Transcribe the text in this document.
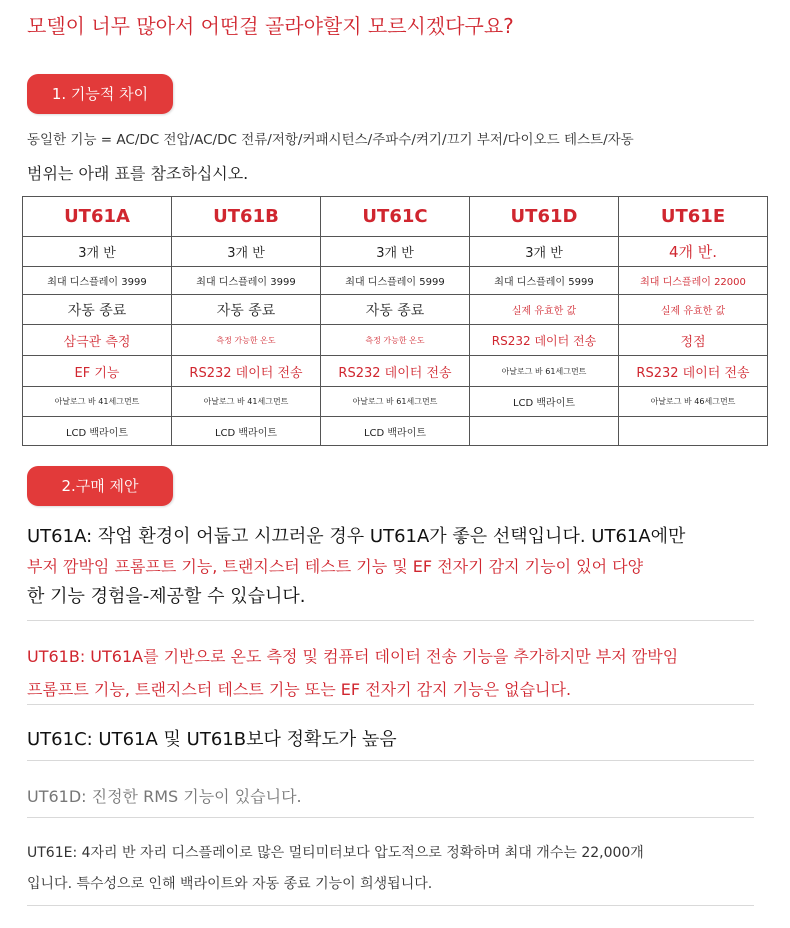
모델이 너무 많아서 어떤걸 골라야할지 모르시겠다구요?
1. 기능적 차이
동일한 기능 = AC/DC 전압/AC/DC 전류/저항/커패시턴스/주파수/켜기/끄기 부저/다이오드 테스트/자동
범위는 아래 표를 참조하십시오.
UT61A	UT61B	UT61C	UT61D	UT61E
3개 반	3개 반	3개 반	3개 반	4개 반.
최대 디스플레이 3999	최대 디스플레이 3999	최대 디스플레이 5999	최대 디스플레이 5999	최대 디스플레이 22000
자동 종료	자동 종료	자동 종료	실제 유효한 값	실제 유효한 값
삼극관 측정	측정 가능한 온도	측정 가능한 온도	RS232 데이터 전송	정점
EF 기능	RS232 데이터 전송	RS232 데이터 전송	아날로그 바 61세그먼트	RS232 데이터 전송
아날로그 바 41세그먼트	아날로그 바 41세그먼트	아날로그 바 61세그먼트	LCD 백라이트	아날로그 바 46세그먼트
LCD 백라이트	LCD 백라이트	LCD 백라이트		
2.구매 제안
UT61A: 작업 환경이 어둡고 시끄러운 경우 UT61A가 좋은 선택입니다. UT61A에만
부저 깜박임 프롬프트 기능, 트랜지스터 테스트 기능 및 EF 전자기 감지 기능이 있어 다양
한 기능 경험을-제공할 수 있습니다.
UT61B: UT61A를 기반으로 온도 측정 및 컴퓨터 데이터 전송 기능을 추가하지만 부저 깜박임
프롬프트 기능, 트랜지스터 테스트 기능 또는 EF 전자기 감지 기능은 없습니다.
UT61C: UT61A 및 UT61B보다 정확도가 높음
UT61D: 진정한 RMS 기능이 있습니다.
UT61E: 4자리 반 자리 디스플레이로 많은 멀티미터보다 압도적으로 정확하며 최대 개수는 22,000개
입니다. 특수성으로 인해 백라이트와 자동 종료 기능이 희생됩니다.
